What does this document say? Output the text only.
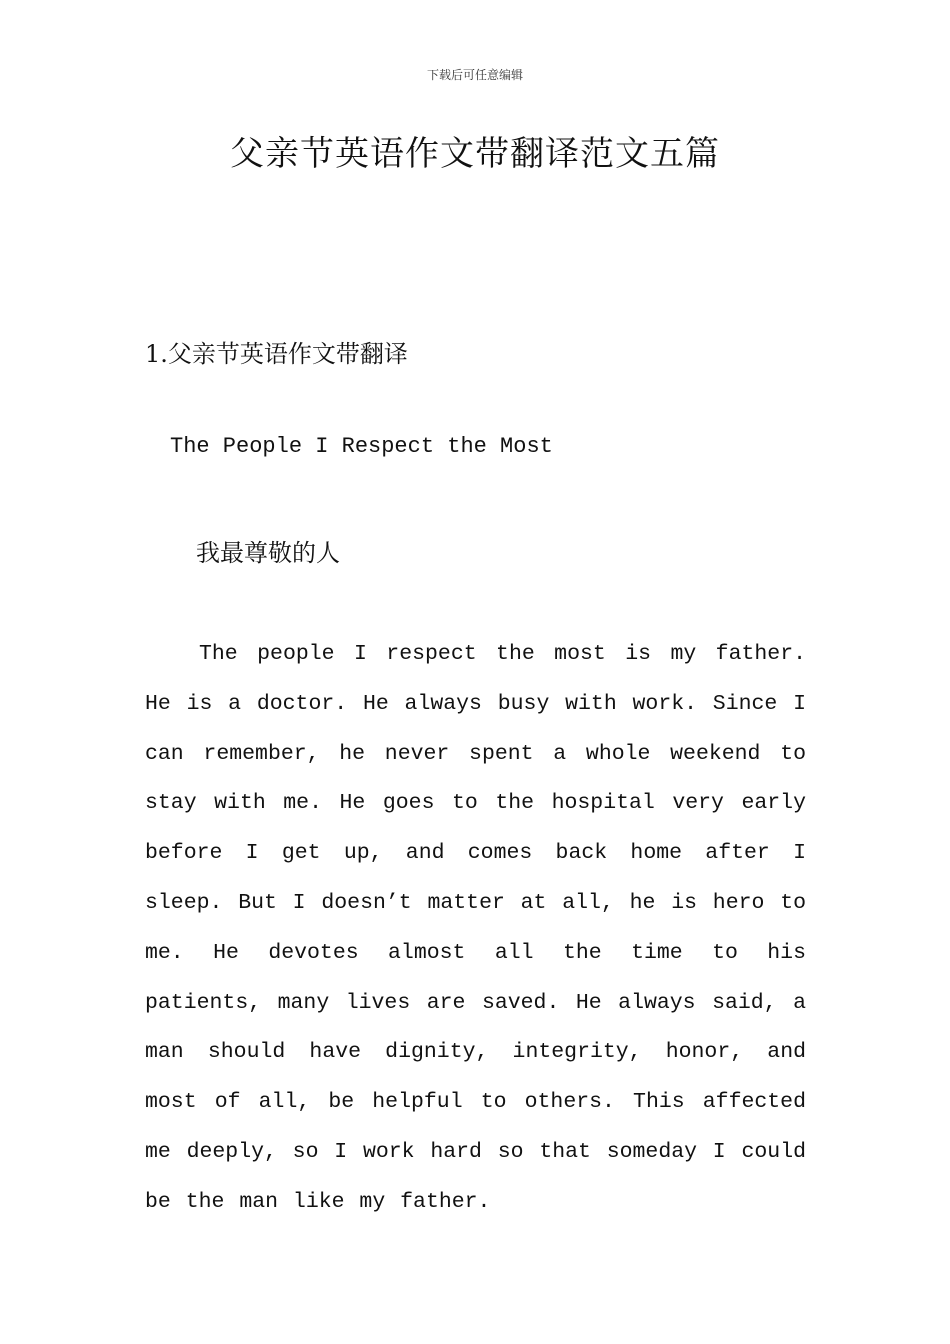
下载后可任意编辑
父亲节英语作文带翻译范文五篇
1.父亲节英语作文带翻译
The People I Respect the Most
我最尊敬的人

The people I respect the most is my father. He is a doctor. He always busy with work. Since I can remember, he never spent a whole weekend to stay with me. He goes to the hospital very early before I get up, and comes back home after I sleep. But I doesn’t matter at all, he is hero to me. He devotes almost all the time to his patients, many lives are saved. He always said, a man should have dignity, integrity, honor, and most of all, be helpful to others. This affected me deeply, so I work hard so that someday I could be the man like my father.
